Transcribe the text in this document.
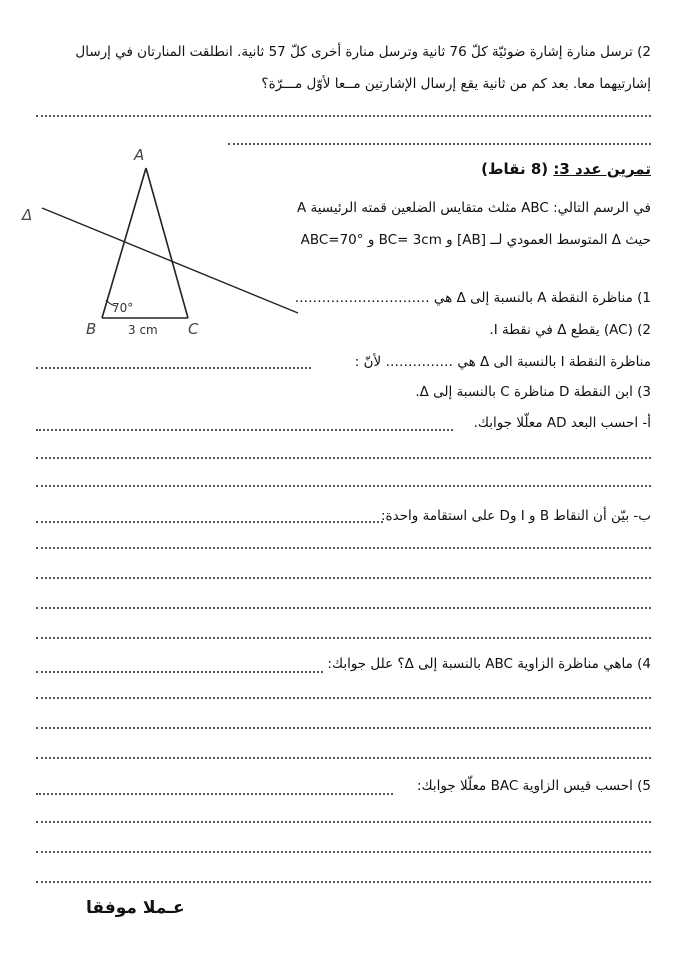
2) ترسل منارة إشارة ضوئيّة كلّ 76 ثانية وترسل منارة أخرى كلّ 57 ثانية. انطلقت المنارتان في إرسال
إشارتيهما معا. بعد كم من ثانية يقع إرسال الإشارتين مــعا لأوّل مـــرّة؟
A
B	C
Δ
70°
3 cm
تمرين عدد 3: (8 نقاط)
في الرسم التالي: ABC مثلث متقايس الضلعين قمته الرئيسية A
حيث Δ المتوسط العمودي لــ [AB] و BC= 3cm و ABC=70°
1) مناظرة النقطة A بالنسبة إلى Δ هي …………………………
2) (AC) يقطع Δ في نقطة I.
مناظرة النقطة I بالنسبة الى Δ هي …………… لأنّ :
3) ابن النقطة D مناظرة C بالنسبة إلى Δ.
أ- احسب البعد AD معلّلا جوابك.
ب- بيّن أن النقاط B و I وD على استقامة واحدة:
4) ماهي مناظرة الزاوية ABC بالنسبة إلى Δ؟ علل جوابك:
5) احسب قيس الزاوية BAC معلّلا جوابك:
عـملا موفقا
